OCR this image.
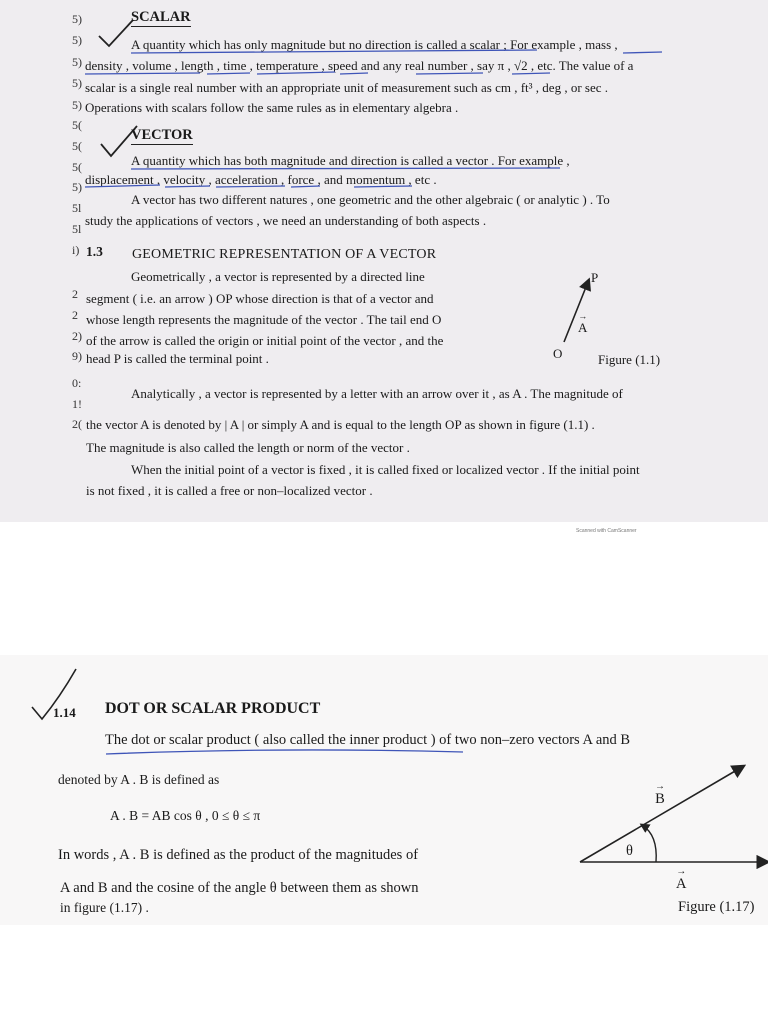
5)
5)
5)
5)
5)
5(
5(
5(
5)
5l
5l
i)
2
2
2)
9)
0:
1!
2(
SCALAR
A quantity which has only magnitude but no direction is called a scalar ; For example , mass ,
density , volume , length , time , temperature , speed and any real number , say π , √2 , etc. The value of a
scalar is a single real number with an appropriate unit of measurement such as cm , ft³ , deg , or sec .
Operations with scalars follow the same rules as in elementary algebra .
VECTOR
A quantity which has both magnitude and direction is called a vector . For example ,
displacement , velocity , acceleration , force , and momentum , etc .
A vector has two different natures , one geometric and the other algebraic ( or analytic ) . To
study the applications of vectors , we need an understanding of both aspects .
1.3 GEOMETRIC REPRESENTATION OF A VECTOR
Geometrically , a vector is represented by a directed line
segment ( i.e. an arrow ) OP whose direction is that of a vector and
whose length represents the magnitude of the vector . The tail end O
of the arrow is called the origin or initial point of the vector , and the
head P is called the terminal point .
P
O
→
A
Figure (1.1)
Analytically , a vector is represented by a letter with an arrow over it , as A . The magnitude of
the vector A is denoted by | A | or simply A and is equal to the length OP as shown in figure (1.1) .
The magnitude is also called the length or norm of the vector .
When the initial point of a vector is fixed , it is called fixed or localized vector . If the initial point
is not fixed , it is called a free or non–localized vector .
Scanned with CamScanner
1.14 DOT OR SCALAR PRODUCT
The dot or scalar product ( also called the inner product ) of two non–zero vectors A and B
denoted by A . B is defined as
A . B = AB cos θ , 0 ≤ θ ≤ π
In words , A . B is defined as the product of the magnitudes of
A and B and the cosine of the angle θ between them as shown
in figure (1.17) .
→
B
θ
→
A
Figure (1.17)
